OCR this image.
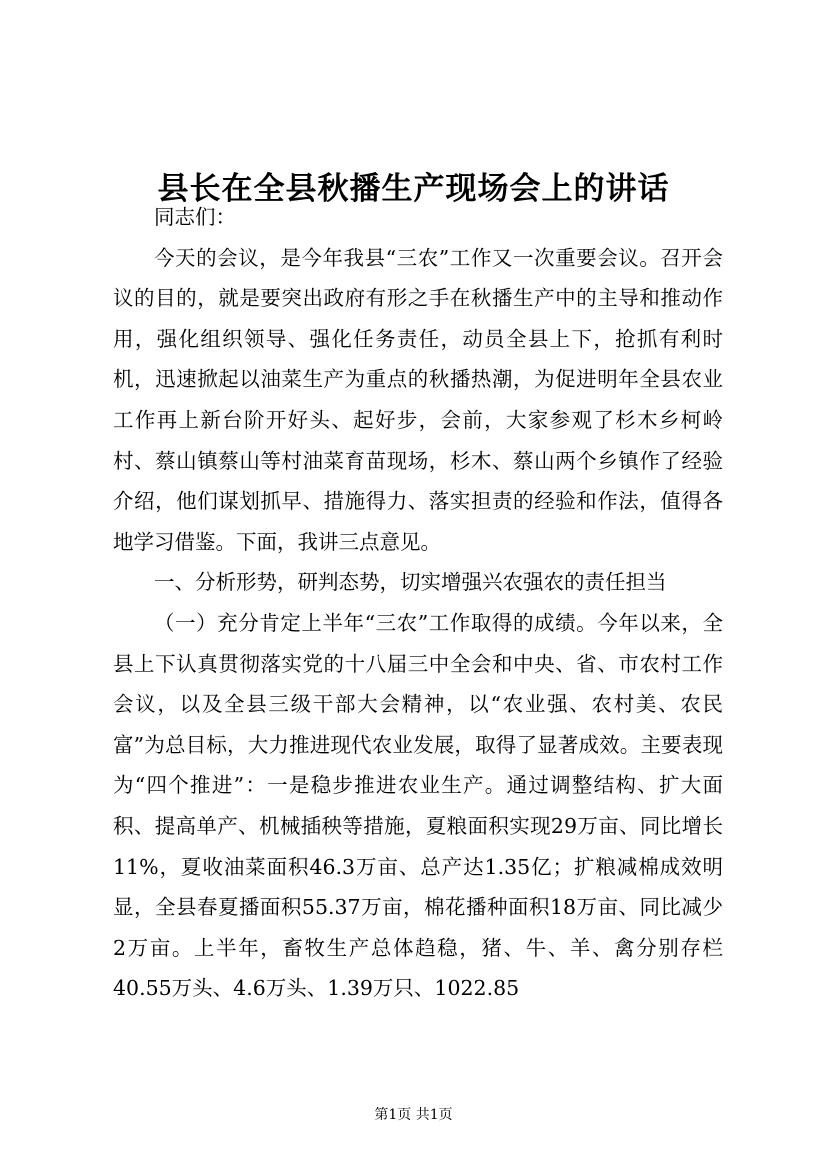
县长在全县秋播生产现场会上的讲话

同志们：

今天的会议，是今年我县“三农”工作又一次重要会议。召开会议的目的，就是要突出政府有形之手在秋播生产中的主导和推动作用，强化组织领导、强化任务责任，动员全县上下，抢抓有利时机，迅速掀起以油菜生产为重点的秋播热潮，为促进明年全县农业工作再上新台阶开好头、起好步，会前，大家参观了杉木乡柯岭村、蔡山镇蔡山等村油菜育苗现场，杉木、蔡山两个乡镇作了经验介绍，他们谋划抓早、措施得力、落实担责的经验和作法，值得各地学习借鉴。下面，我讲三点意见。

一、分析形势，研判态势，切实增强兴农强农的责任担当

（一）充分肯定上半年“三农”工作取得的成绩。今年以来，全县上下认真贯彻落实党的十八届三中全会和中央、省、市农村工作会议，以及全县三级干部大会精神，以“农业强、农村美、农民富”为总目标，大力推进现代农业发展，取得了显著成效。主要表现为“四个推进”：一是稳步推进农业生产。通过调整结构、扩大面积、提高单产、机械插秧等措施，夏粮面积实现29万亩、同比增长11%，夏收油菜面积46.3万亩、总产达1.35亿；扩粮减棉成效明显，全县春夏播面积55.37万亩，棉花播种面积18万亩、同比减少2万亩。上半年，畜牧生产总体趋稳，猪、牛、羊、禽分别存栏40.55万头、4.6万头、1.39万只、1022.85

第1页 共1页
